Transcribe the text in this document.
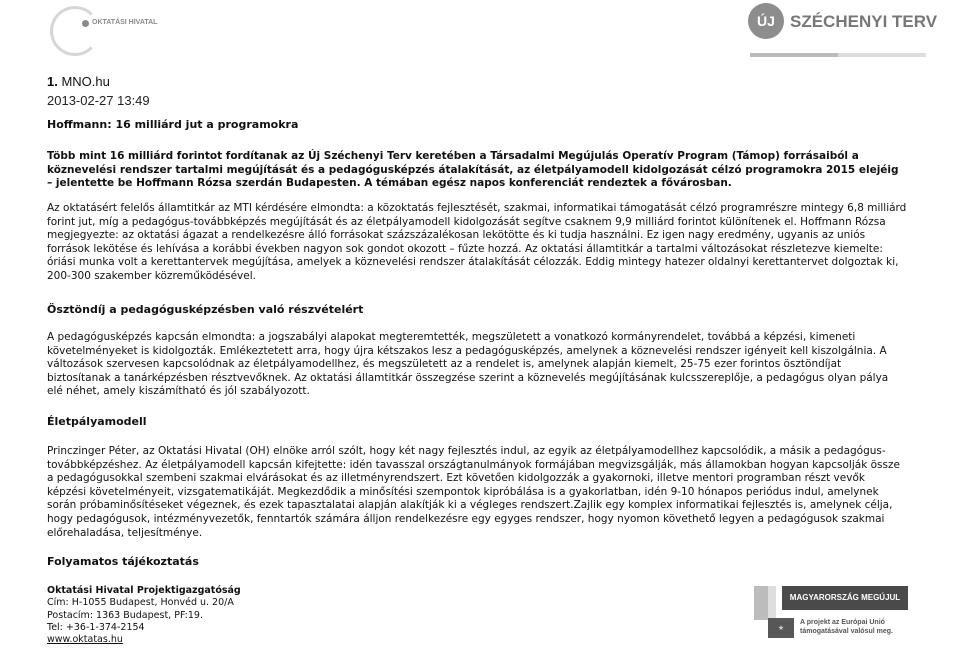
OKTATÁSI HIVATAL	ÚJ SZÉCHENYI TERV
1. MNO.hu
2013-02-27 13:49
Hoffmann: 16 milliárd jut a programokra

Több mint 16 milliárd forintot fordítanak az Új Széchenyi Terv keretében a Társadalmi Megújulás Operatív Program (Támop) forrásaiból a köznevelési rendszer tartalmi megújítását és a pedagógusképzés átalakítását, az életpályamodell kidolgozását célzó programokra 2015 elejéig – jelentette be Hoffmann Rózsa szerdán Budapesten. A témában egész napos konferenciát rendeztek a fővárosban.

Az oktatásért felelős államtitkár az MTI kérdésére elmondta: a közoktatás fejlesztését, szakmai, informatikai támogatását célzó programrészre mintegy 6,8 milliárd forint jut, míg a pedagógus-továbbképzés megújítását és az életpályamodell kidolgozását segítve csaknem 9,9 milliárd forintot különítenek el. Hoffmann Rózsa megjegyezte: az oktatási ágazat a rendelkezésre álló forrásokat százszázalékosan lekötötte és ki tudja használni. Ez igen nagy eredmény, ugyanis az uniós források lekötése és lehívása a korábbi években nagyon sok gondot okozott – fűzte hozzá. Az oktatási államtitkár a tartalmi változásokat részletezve kiemelte: óriási munka volt a kerettantervek megújítása, amelyek a köznevelési rendszer átalakítását célozzák. Eddig mintegy hatezer oldalnyi kerettantervet dolgoztak ki, 200-300 szakember közreműködésével.

Ösztöndíj a pedagógusképzésben való részvételért

A pedagógusképzés kapcsán elmondta: a jogszabályi alapokat megteremtették, megszületett a vonatkozó kormányrendelet, továbbá a képzési, kimeneti követelményeket is kidolgozták. Emlékeztetett arra, hogy újra kétszakos lesz a pedagógusképzés, amelynek a köznevelési rendszer igényeit kell kiszolgálnia. A változások szervesen kapcsolódnak az életpályamodellhez, és megszületett az a rendelet is, amelynek alapján kiemelt, 25-75 ezer forintos ösztöndíjat biztosítanak a tanárképzésben résztvevőknek. Az oktatási államtitkár összegzése szerint a köznevelés megújításának kulcsszereplője, a pedagógus olyan pálya elé néhet, amely kiszámítható és jól szabályozott.

Életpályamodell

Princzinger Péter, az Oktatási Hivatal (OH) elnöke arról szólt, hogy két nagy fejlesztés indul, az egyik az életpályamodellhez kapcsolódik, a másik a pedagógus-továbbképzéshez. Az életpályamodell kapcsán kifejtette: idén tavasszal országtanulmányok formájában megvizsgálják, más államokban hogyan kapcsolják össze a pedagógusokkal szembeni szakmai elvárásokat és az illetményrendszert. Ezt követően kidolgozzák a gyakornoki, illetve mentori programban részt vevők képzési követelményeit, vizsgatematikáját. Megkezdődik a minősítési szempontok kipróbálása is a gyakorlatban, idén 9-10 hónapos periódus indul, amelynek során próbaminősítéseket végeznek, és ezek tapasztalatai alapján alakítják ki a végleges rendszert.Zajlik egy komplex informatikai fejlesztés is, amelynek célja, hogy pedagógusok, intézményvezetők, fenntartók számára álljon rendelkezésre egy egyges rendszer, hogy nyomon követhető legyen a pedagógusok szakmai előrehaladása, teljesítménye.

Folyamatos tájékoztatás
Oktatási Hivatal Projektigazgatóság
Cím: H-1055 Budapest, Honvéd u. 20/A
Postacím: 1363 Budapest, PF:19.
Tel: +36-1-374-2154
www.oktatas.hu
MAGYARORSZÁG MEGÚJUL
★
A projekt az Európai Unió támogatásával valósul meg.
